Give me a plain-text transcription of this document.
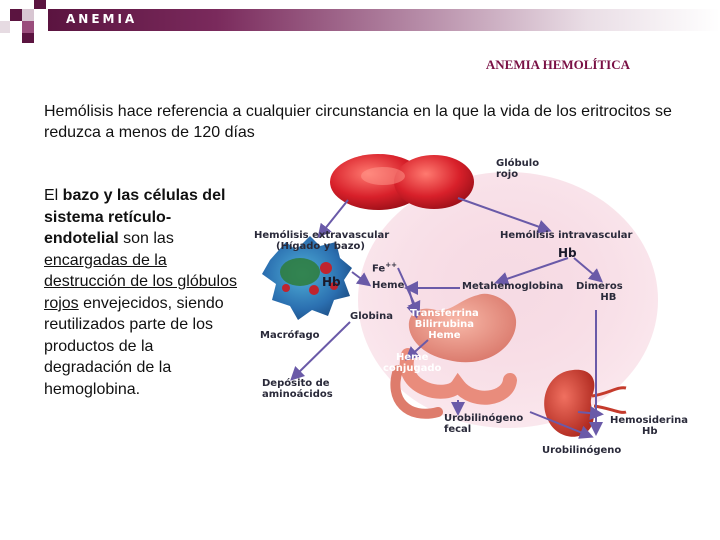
ANEMIA
ANEMIA HEMOLÍTICA
Hemólisis hace referencia a cualquier circunstancia en la que la vida de los eritrocitos se reduzca a menos de 120 días
El bazo y las células del sistema retículo-endotelial son las encargadas de la destrucción de los glóbulos rojos envejecidos, siendo reutilizados parte de los productos de la degradación de la hemoglobina.
Glóbulo
rojo
Hemólisis extravascular
(Hígado y bazo)
Hemólisis intravascular
Hb
Fe++
Hb	Heme	Metahemoglobina Dimeros
HB
Macrófago
Globina Transferrina
Bilirrubina
Heme
Heme
conjugado
Depósito de
aminoácidos
Urobilinógeno
fecal
Hemosiderina
Hb
Urobilinógeno
